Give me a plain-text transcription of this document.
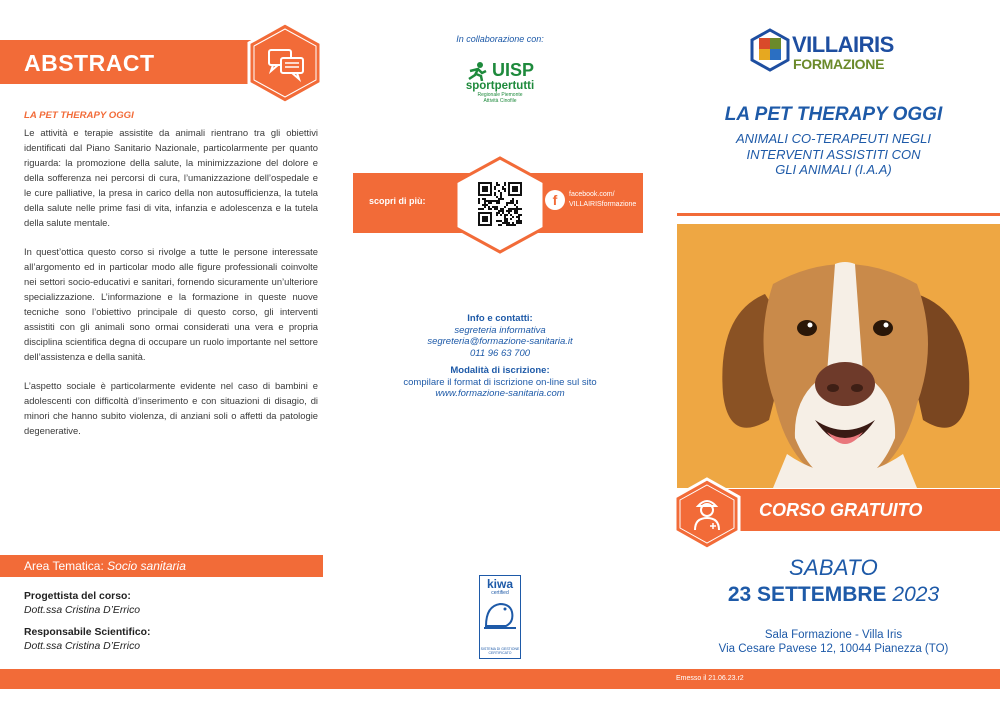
ABSTRACT
LA PET THERAPY OGGI

Le attività e terapie assistite da animali rientrano tra gli obiettivi identificati dal Piano Sanitario Nazionale, particolarmente per quanto riguarda: la promozione della salute, la minimizzazione del dolore e della sofferenza nei percorsi di cura, l’umanizzazione dell’ospedale e le cure palliative, la presa in carico della non autosufficienza, la tutela della salute nelle prime fasi di vita, infanzia e adolescenza e la tutela della salute mentale.

In quest’ottica questo corso si rivolge a tutte le persone interessate all’argomento ed in particolar modo alle figure professionali coinvolte nei settori socio-educativi e sanitari, fornendo sicuramente un’ulteriore specializzazione. L’informazione e la formazione in queste nuove tecniche sono l’obiettivo principale di questo corso, gli interventi assistiti con gli animali sono ormai considerati una vera e propria disciplina scientifica degna di occupare un ruolo importante nel settore dell’assistenza e della sanità.

L’aspetto sociale è particolarmente evidente nel caso di bambini e adolescenti con difficoltà d’inserimento e con situazioni di disagio, di minori che hanno subito violenza, di anziani soli o affetti da patologie degenerative.

Area Tematica: Socio sanitaria
Progettista del corso:
Dott.ssa Cristina D’Errico
Responsabile Scientifico:
Dott.ssa Cristina D’Errico
In collaborazione con:
UISP
sportpertutti
Regionale Piemonte
Attività Cinofile
scopri di più:	f	facebook.com/
VILLAIRISformazione
Info e contatti:
segreteria informativa
segreteria@formazione-sanitaria.it
011 96 63 700
Modalità di iscrizione:
compilare il format di iscrizione on-line sul sito
www.formazione-sanitaria.com
kiwa
certified
SISTEMA DI GESTIONE CERTIFICATO
VILLAIRIS
FORMAZIONE
LA PET THERAPY OGGI
ANIMALI CO-TERAPEUTI NEGLI
INTERVENTI ASSISTITI CON
GLI ANIMALI (I.A.A)
CORSO GRATUITO
SABATO
23 SETTEMBRE 2023
Sala Formazione - Villa Iris
Via Cesare Pavese 12, 10044 Pianezza (TO)
Emesso il 21.06.23.r2
